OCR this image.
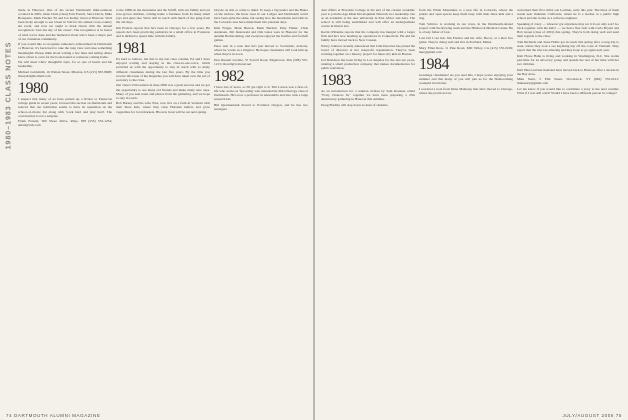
1980–1983 CLASS NOTES

made in Hanover. One of his recent Dartmouth mini-reunions occurred in 2005, when Chris (class) Tom French, Steve Davis, Mike Bonaparte, Mark Fischer '81 and Jon Kelley travel at Hanover. We'd been lucky enough to see Owen in Vail for his annual cross-country ski event, and now we ought to mark Owen with the annual recognition: 'best ski day of his career'. The recognition is in honor of what we've done and the memorial about who's been a major part of our classmate community.

If you would like to recognize someone's achievement in Dartmouth or Hanover, it's been hard to take the long view and raise something meaningful. Please think about writing a few lines and letting others know about it, even for the book-bound or someone coming home.

We will meet Chris' thoughtful style, for so one of hearts and his leadership.

Michael Goldsmith, 16 Walnut Street, Mission, KS (215) 867-8908; mwrpdrd@hotmail.com

1980

I suspect that many of us have picked up a fiction or Pentecost college guide in recent years, browsed the section on Dartmouth and noticed that our institution seems to have its reputation on the school-of-choice list along with 'work hard and play hard'. The conversation is not a surprise.

Frank Ferazzi, 300 Shore Drive, Rhye, NH (555) 555-1234; email@wrk.com

to the 1980s in the mountains and the Schiff, with our family and our now-grown children, coming home a fondness from its many small joys and quiet ties. We're still in touch with much of the gang from the old days.

Jim Francis reports that he's been in Chicago for a few years. He reports he's been practicing pediatrics in a small office in Evanston and is thrilled to spend time with his family.

1981

It's hard to believe, but this is my last class column. Ed and I have enjoyed writing and staying in the class-in-one-voice, which provided us with the opportunity to stay in touch with so many different classmates during the last five years. By the time you receive this issue of the magazine you will have taken over the job of secretary to the class.

Our class's 25th reunion in June 2006 was a great success and we got the opportunity to see many old friends and make many new ones. Many of you sent notes and photos from the gathering, and we hope to stay in touch.

Bob Barney and his wife, Elsa, now live on a farm in Vermont with their three kids, where they raise Holstein heifers and grow vegetables for local markets. His new book will be out next spring.

bicycle on this or come to mind. To keep a big leader and the Baker on the surface, the Inver ones in our Lodges and Dartmouth world have been quite the same, but seeing how the mountains and trails in the Colorado area have made them into pleasant days.

Kim Frager, Mark Burton, Mark Burdett, Patty Fisher, Chris Andersen, Jim Jankowski and Otis Gates were in Hanover for the autumn Homecoming, and everyone enjoyed the bonfire and football games.

Peter sent in a note that he's just moved to Scottsdale, Arizona, where he works as a litigator. He hopes classmates will look him up when they're in town.

Don Russell Lavelle, 57 Sorrell Road, Edgartown, MA (508) 555-1213; dlevell@comcast.net

1982

I have lots of news, so I'll get right to it. Tim Larson was a first-of-life who works as 'Sprouting' who attended the Microbiology class at Dartmouth. He's now a professor in Alexandria and also runs a large research lab.

Bill Quackenbush moved to Portland, Oregon, and he has two teenagers.

74 DARTMOUTH ALUMNI MAGAZINE

dent affairs at Bowdoin College at the end of the current academic year to join the Aga Khan Development Network in a leadership role as an academic at the new university in East Africa and Asia. The school is still being established and will offer an undergraduate course in liberal arts.

Kevin O'Rourke reports that his company has merged with a larger firm and he's now heading up operations in Connecticut. He and his family have moved back to New Canaan.

Nancy Johnson recently announced that John Knowles has joined the board of directors at her nonprofit organization. They've been working together on a literacy project for inner-city kids in Boston.

Jed Davidson has been living in Los Angeles for the last ten years, running a small production company that makes documentaries for public television.

1983

As an introduction for a reunion written by Sam Rouleau called "Forty Chances In," together we have been preparing a 25th anniversary gathering in Hanover this summer.

Doug Bradley will step down as dean of students.

from the White Mountains to a new life in Colorado, where the prairie and open spaces keep them busy with their three kids and a dog.

Tom Schiavo is working in our town, in the Dartmouth-related project with the Rowing team and the Hitchcock Medical Center. He is a busy father of four.

Last fall I ran into Jim Fischer and his wife, Becca, at a Red Sox game. They're doing well and live in Portland, Maine.

Mary Ellen Ross, 11 Pine Road, Mill Valley, CA (415) 555-0199; mer@gmail.com

1984

Greetings classmates! As you read this, I hope you're enjoying your summer and that many of you will join us for the Homecoming weekend in October.

I received a note from Dana Mahoney that she's moved to Chicago, where she practices law.

welcomed their first child, son Lachlan, early this year. The three of them reside near Oakland, California, where he is a teacher at a public high school and she works as a software engineer.

Speaking of crazy — whoever got anywhere may we it if our only son? Go back together with the kids? — we had a fine visit with Carla Bryant and Bob Green (class of 2001) this spring. They're both doing well and send their regards to the class.

Tom Richards and Jesse Hollis got in touch this spring after a long trip to Asia, where they took a sea kayaking trip off the coast of Vietnam. They report that the trip was amazing and they hope to go again next year.

Kim Howe Hahn is living and working in Washington, D.C. She works part-time for an advocacy group and spends the rest of her time with her two children.

Patti Hurst and her husband have moved back to Hanover after a decade in the Bay Area.

Mike Stern, 5 Elm Street, Woodstock, VT (802) 555-0101; mikestern@gmail.com

Let me know if you would like to contribute a story to the next column: What if I was still a kid? Would I have been a different person in college?

JULY/AUGUST 2006 75
